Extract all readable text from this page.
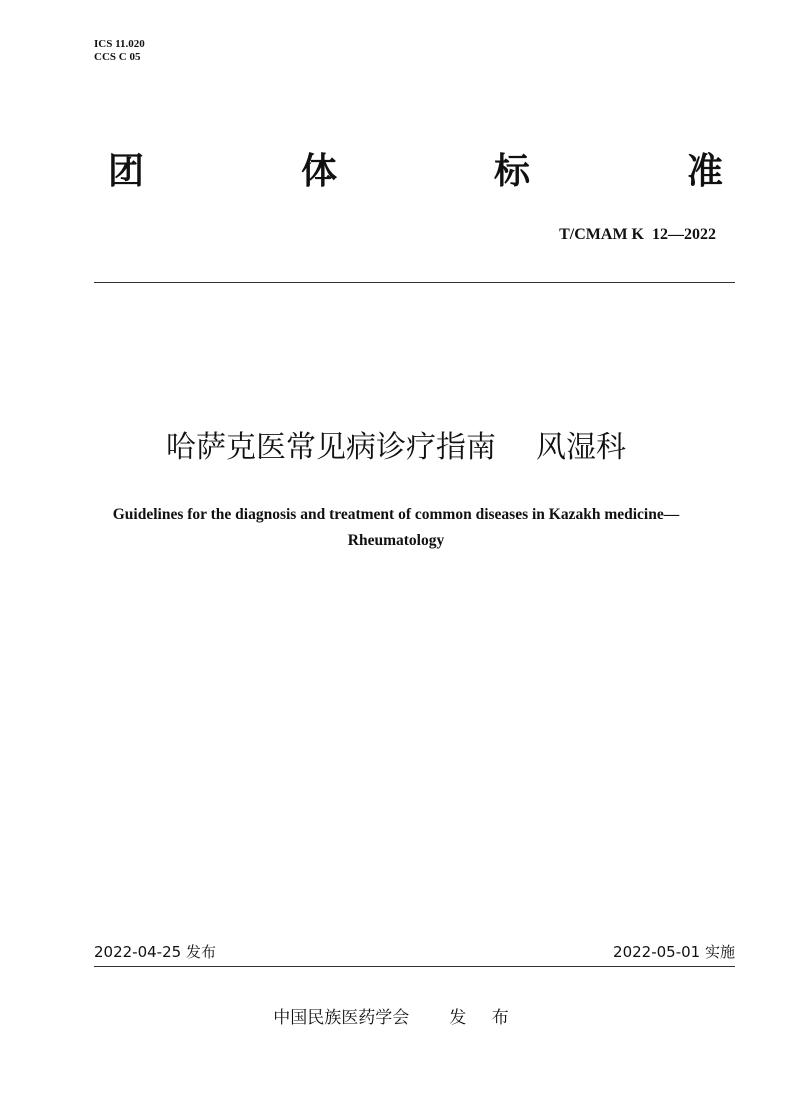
ICS 11.020
CCS C 05
团	体	标	准
T/CMAM K  12—2022
哈萨克医常见病诊疗指南 风湿科
Guidelines for the diagnosis and treatment of common diseases in Kazakh medicine—
Rheumatology
2022-04-25 发布	2022-05-01 实施
中国民族医药学会 发 布
